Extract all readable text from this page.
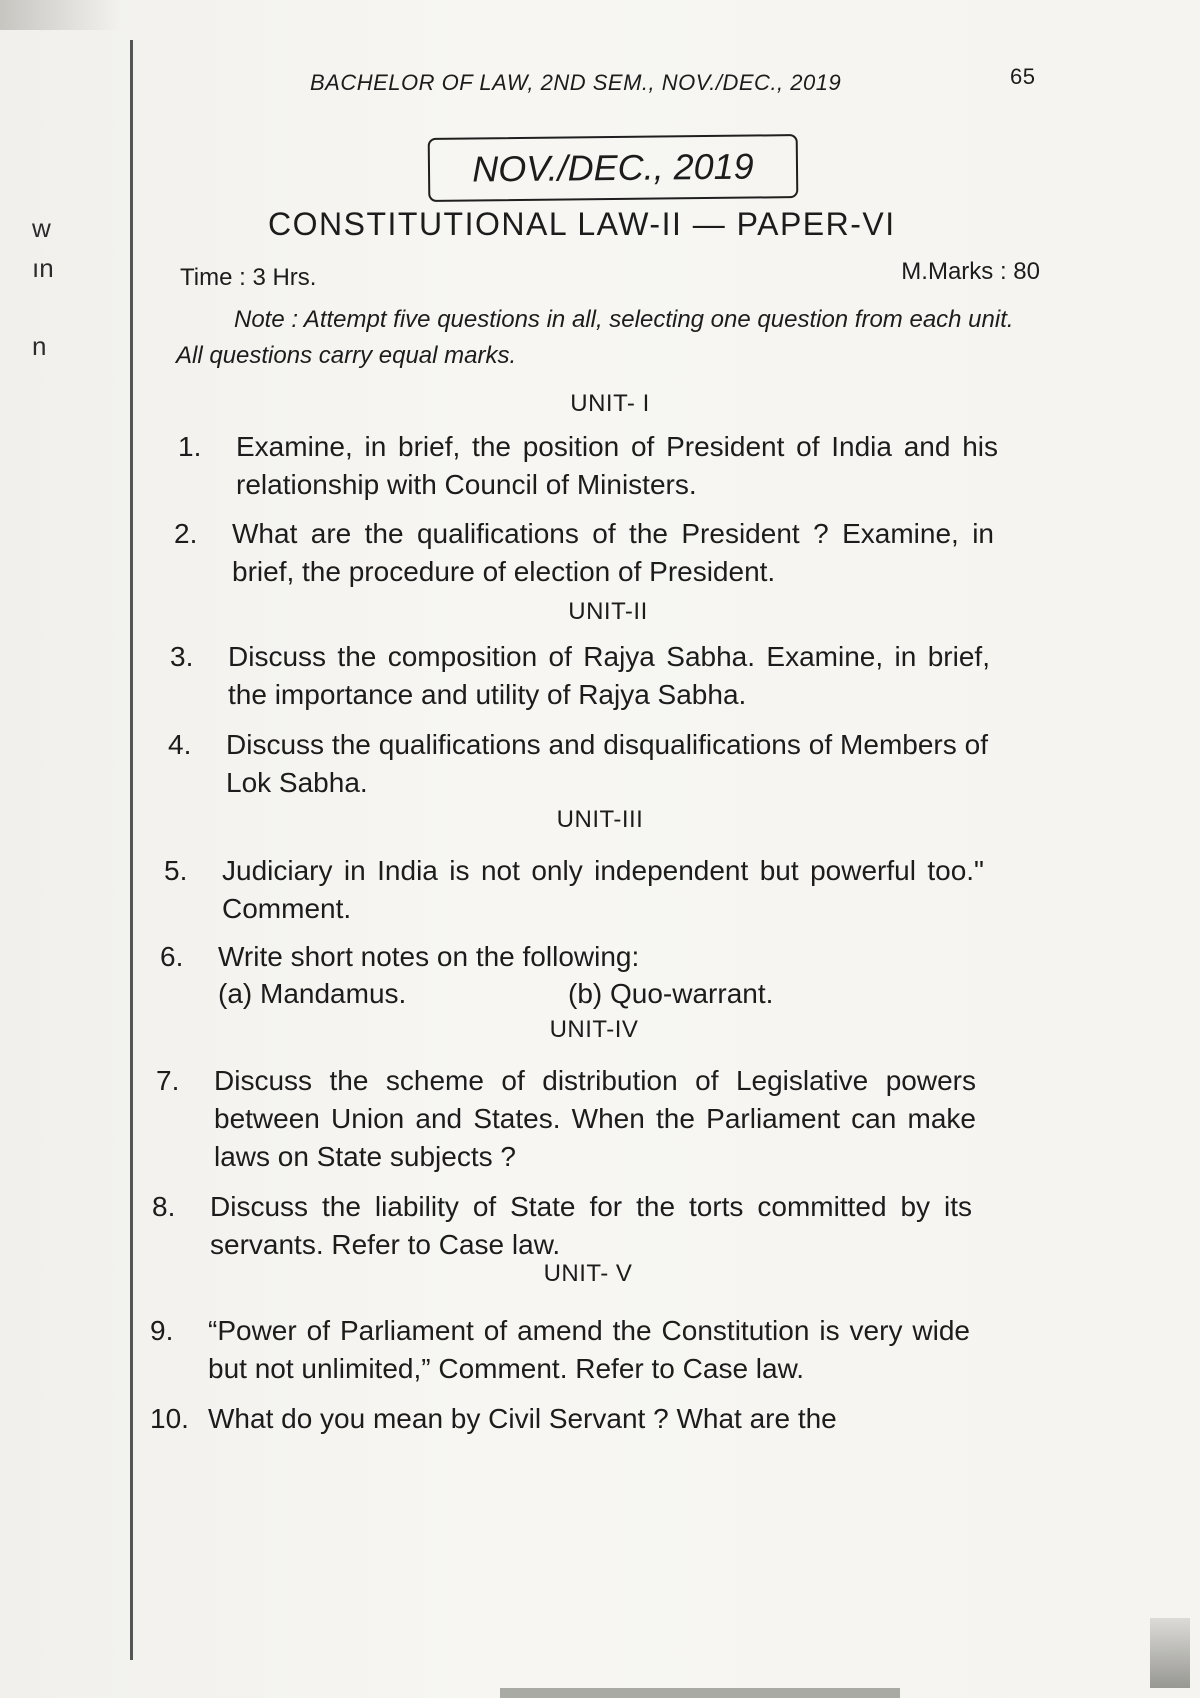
w
ın
n
BACHELOR OF LAW, 2ND SEM., NOV./DEC., 2019	65
NOV./DEC., 2019
CONSTITUTIONAL LAW-II — PAPER-VI
Time : 3 Hrs.	M.Marks : 80
Note : Attempt five questions in all, selecting one question from each unit. All questions carry equal marks.
UNIT- I
1.	Examine, in brief, the position of President of India and his relationship with Council of Ministers.
2.	What are the qualifications of the President ? Examine, in brief, the procedure of election of President.
UNIT-II
3.	Discuss the composition of Rajya Sabha. Examine, in brief, the importance and utility of Rajya Sabha.
4.	Discuss the qualifications and disqualifications of Members of Lok Sabha.
UNIT-III
5.	Judiciary in India is not only independent but powerful too." Comment.
6.	Write short notes on the following:
(a) Mandamus.	(b) Quo-warrant.
UNIT-IV
7.	Discuss the scheme of distribution of Legislative powers between Union and States. When the Parliament can make laws on State subjects ?
8.	Discuss the liability of State for the torts committed by its servants. Refer to Case law.
UNIT- V
9.	“Power of Parliament of amend the Constitution is very wide but not unlimited,” Comment. Refer to Case law.
10. What do you mean by Civil Servant ? What are the
